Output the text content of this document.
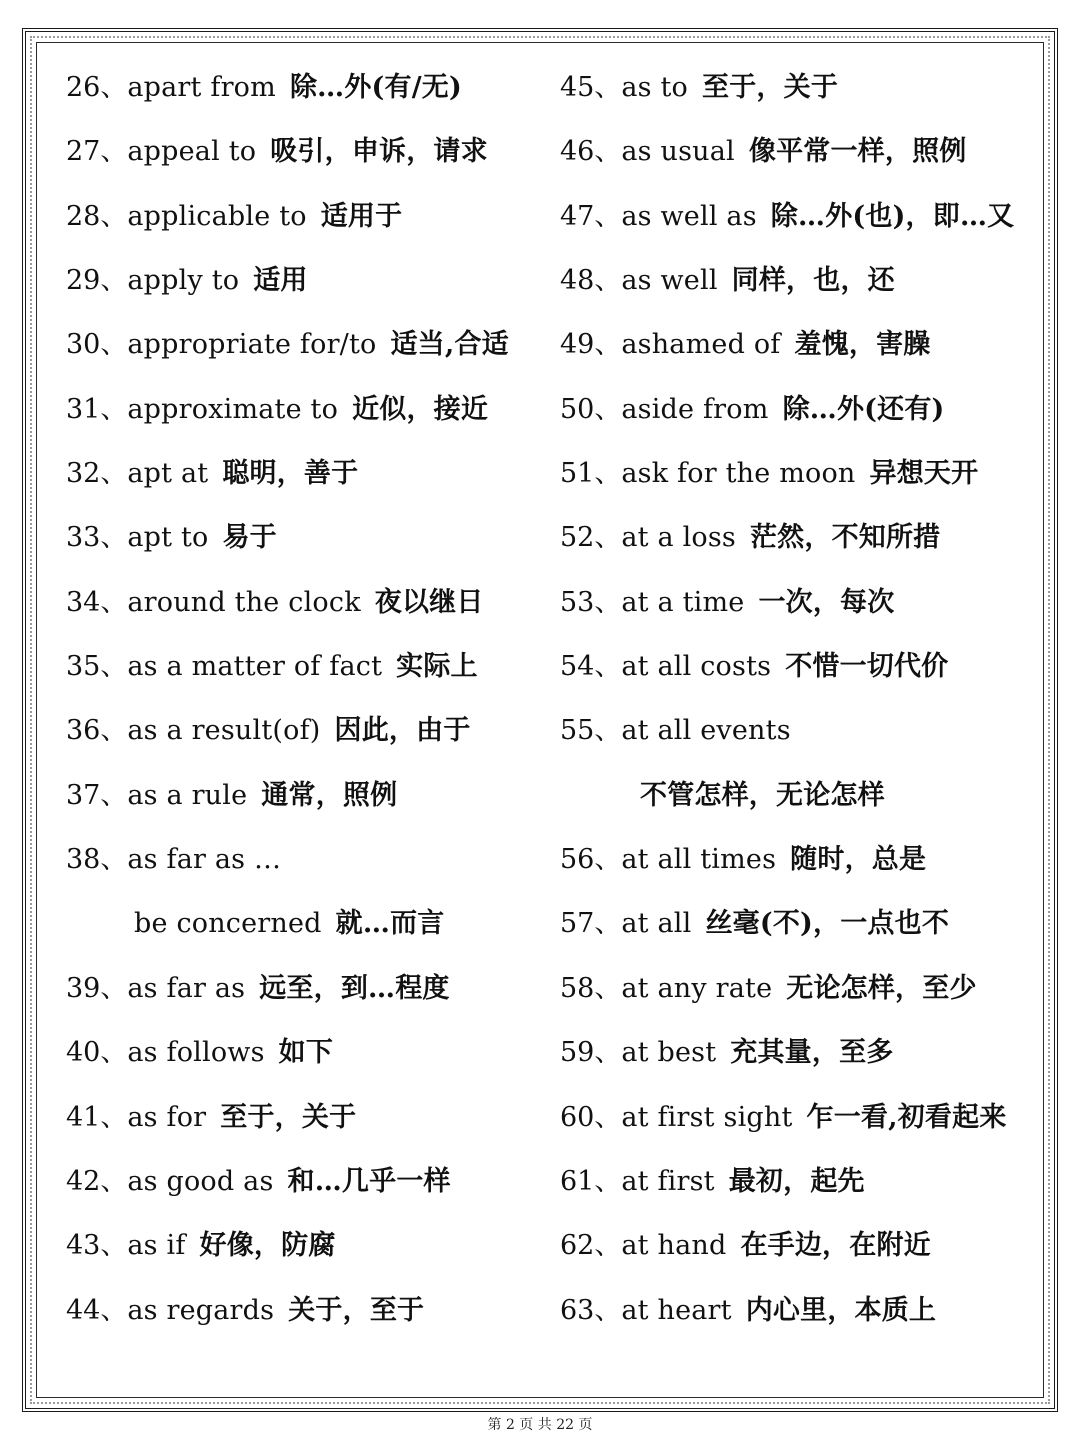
26、apart from 除…外(有/无)
27、appeal to 吸引，申诉，请求
28、applicable to 适用于
29、apply to 适用
30、appropriate for/to 适当,合适
31、approximate to 近似，接近
32、apt at 聪明，善于
33、apt to 易于
34、around the clock 夜以继日
35、as a matter of fact 实际上
36、as a result(of) 因此，由于
37、as a rule 通常，照例
38、as far as …
be concerned 就…而言
39、as far as 远至，到…程度
40、as follows 如下
41、as for 至于，关于
42、as good as 和…几乎一样
43、as if 好像，防腐
44、as regards 关于，至于
45、as to 至于，关于
46、as usual 像平常一样，照例
47、as well as 除…外(也)，即…又
48、as well 同样，也，还
49、ashamed of 羞愧，害臊
50、aside from 除…外(还有)
51、ask for the moon 异想天开
52、at a loss 茫然，不知所措
53、at a time 一次，每次
54、at all costs 不惜一切代价
55、at all events
不管怎样，无论怎样
56、at all times 随时，总是
57、at all 丝毫(不)，一点也不
58、at any rate 无论怎样，至少
59、at best 充其量，至多
60、at first sight 乍一看,初看起来
61、at first 最初，起先
62、at hand 在手边，在附近
63、at heart 内心里，本质上
第 2 页 共 22 页
